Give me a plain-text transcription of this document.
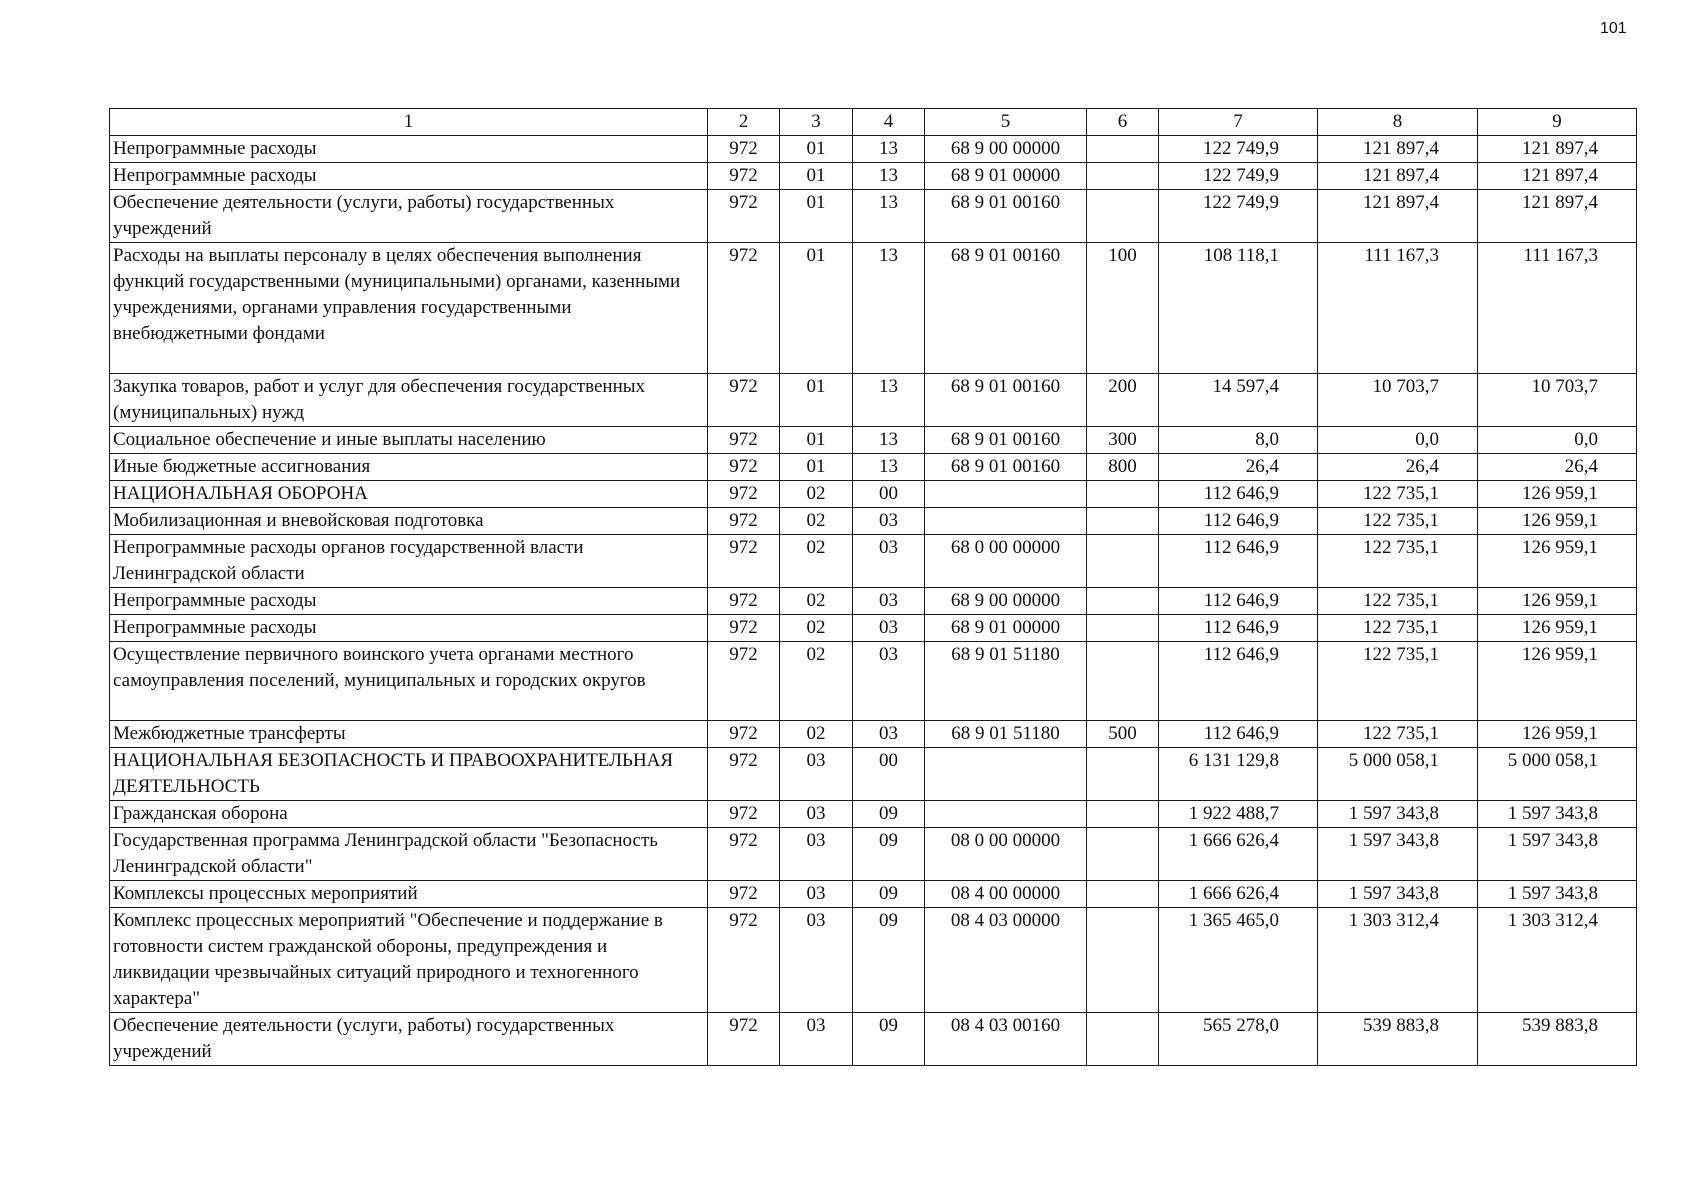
101
1	2	3	4	5	6	7	8	9
Непрограммные расходы	972	01	13	68 9 00 00000		122 749,9	121 897,4	121 897,4
Непрограммные расходы	972	01	13	68 9 01 00000		122 749,9	121 897,4	121 897,4
Обеспечение деятельности (услуги, работы) государственных учреждений	972	01	13	68 9 01 00160		122 749,9	121 897,4	121 897,4
Расходы на выплаты персоналу в целях обеспечения выполнения функций государственными (муниципальными) органами, казенными учреждениями, органами управления государственными внебюджетными фондами	972	01	13	68 9 01 00160	100	108 118,1	111 167,3	111 167,3
Закупка товаров, работ и услуг для обеспечения государственных (муниципальных) нужд	972	01	13	68 9 01 00160	200	14 597,4	10 703,7	10 703,7
Социальное обеспечение и иные выплаты населению	972	01	13	68 9 01 00160	300	8,0	0,0	0,0
Иные бюджетные ассигнования	972	01	13	68 9 01 00160	800	26,4	26,4	26,4
НАЦИОНАЛЬНАЯ ОБОРОНА	972	02	00			112 646,9	122 735,1	126 959,1
Мобилизационная и вневойсковая подготовка	972	02	03			112 646,9	122 735,1	126 959,1
Непрограммные расходы органов государственной власти Ленинградской области	972	02	03	68 0 00 00000		112 646,9	122 735,1	126 959,1
Непрограммные расходы	972	02	03	68 9 00 00000		112 646,9	122 735,1	126 959,1
Непрограммные расходы	972	02	03	68 9 01 00000		112 646,9	122 735,1	126 959,1
Осуществление первичного воинского учета органами местного самоуправления поселений, муниципальных и городских округов	972	02	03	68 9 01 51180		112 646,9	122 735,1	126 959,1
Межбюджетные трансферты	972	02	03	68 9 01 51180	500	112 646,9	122 735,1	126 959,1
НАЦИОНАЛЬНАЯ БЕЗОПАСНОСТЬ И ПРАВООХРАНИТЕЛЬНАЯ ДЕЯТЕЛЬНОСТЬ	972	03	00			6 131 129,8	5 000 058,1	5 000 058,1
Гражданская оборона	972	03	09			1 922 488,7	1 597 343,8	1 597 343,8
Государственная программа Ленинградской области "Безопасность Ленинградской области"	972	03	09	08 0 00 00000		1 666 626,4	1 597 343,8	1 597 343,8
Комплексы процессных мероприятий	972	03	09	08 4 00 00000		1 666 626,4	1 597 343,8	1 597 343,8
Комплекс процессных мероприятий "Обеспечение и поддержание в готовности систем гражданской обороны, предупреждения и ликвидации чрезвычайных ситуаций природного и техногенного характера"	972	03	09	08 4 03 00000		1 365 465,0	1 303 312,4	1 303 312,4
Обеспечение деятельности (услуги, работы) государственных учреждений	972	03	09	08 4 03 00160		565 278,0	539 883,8	539 883,8
